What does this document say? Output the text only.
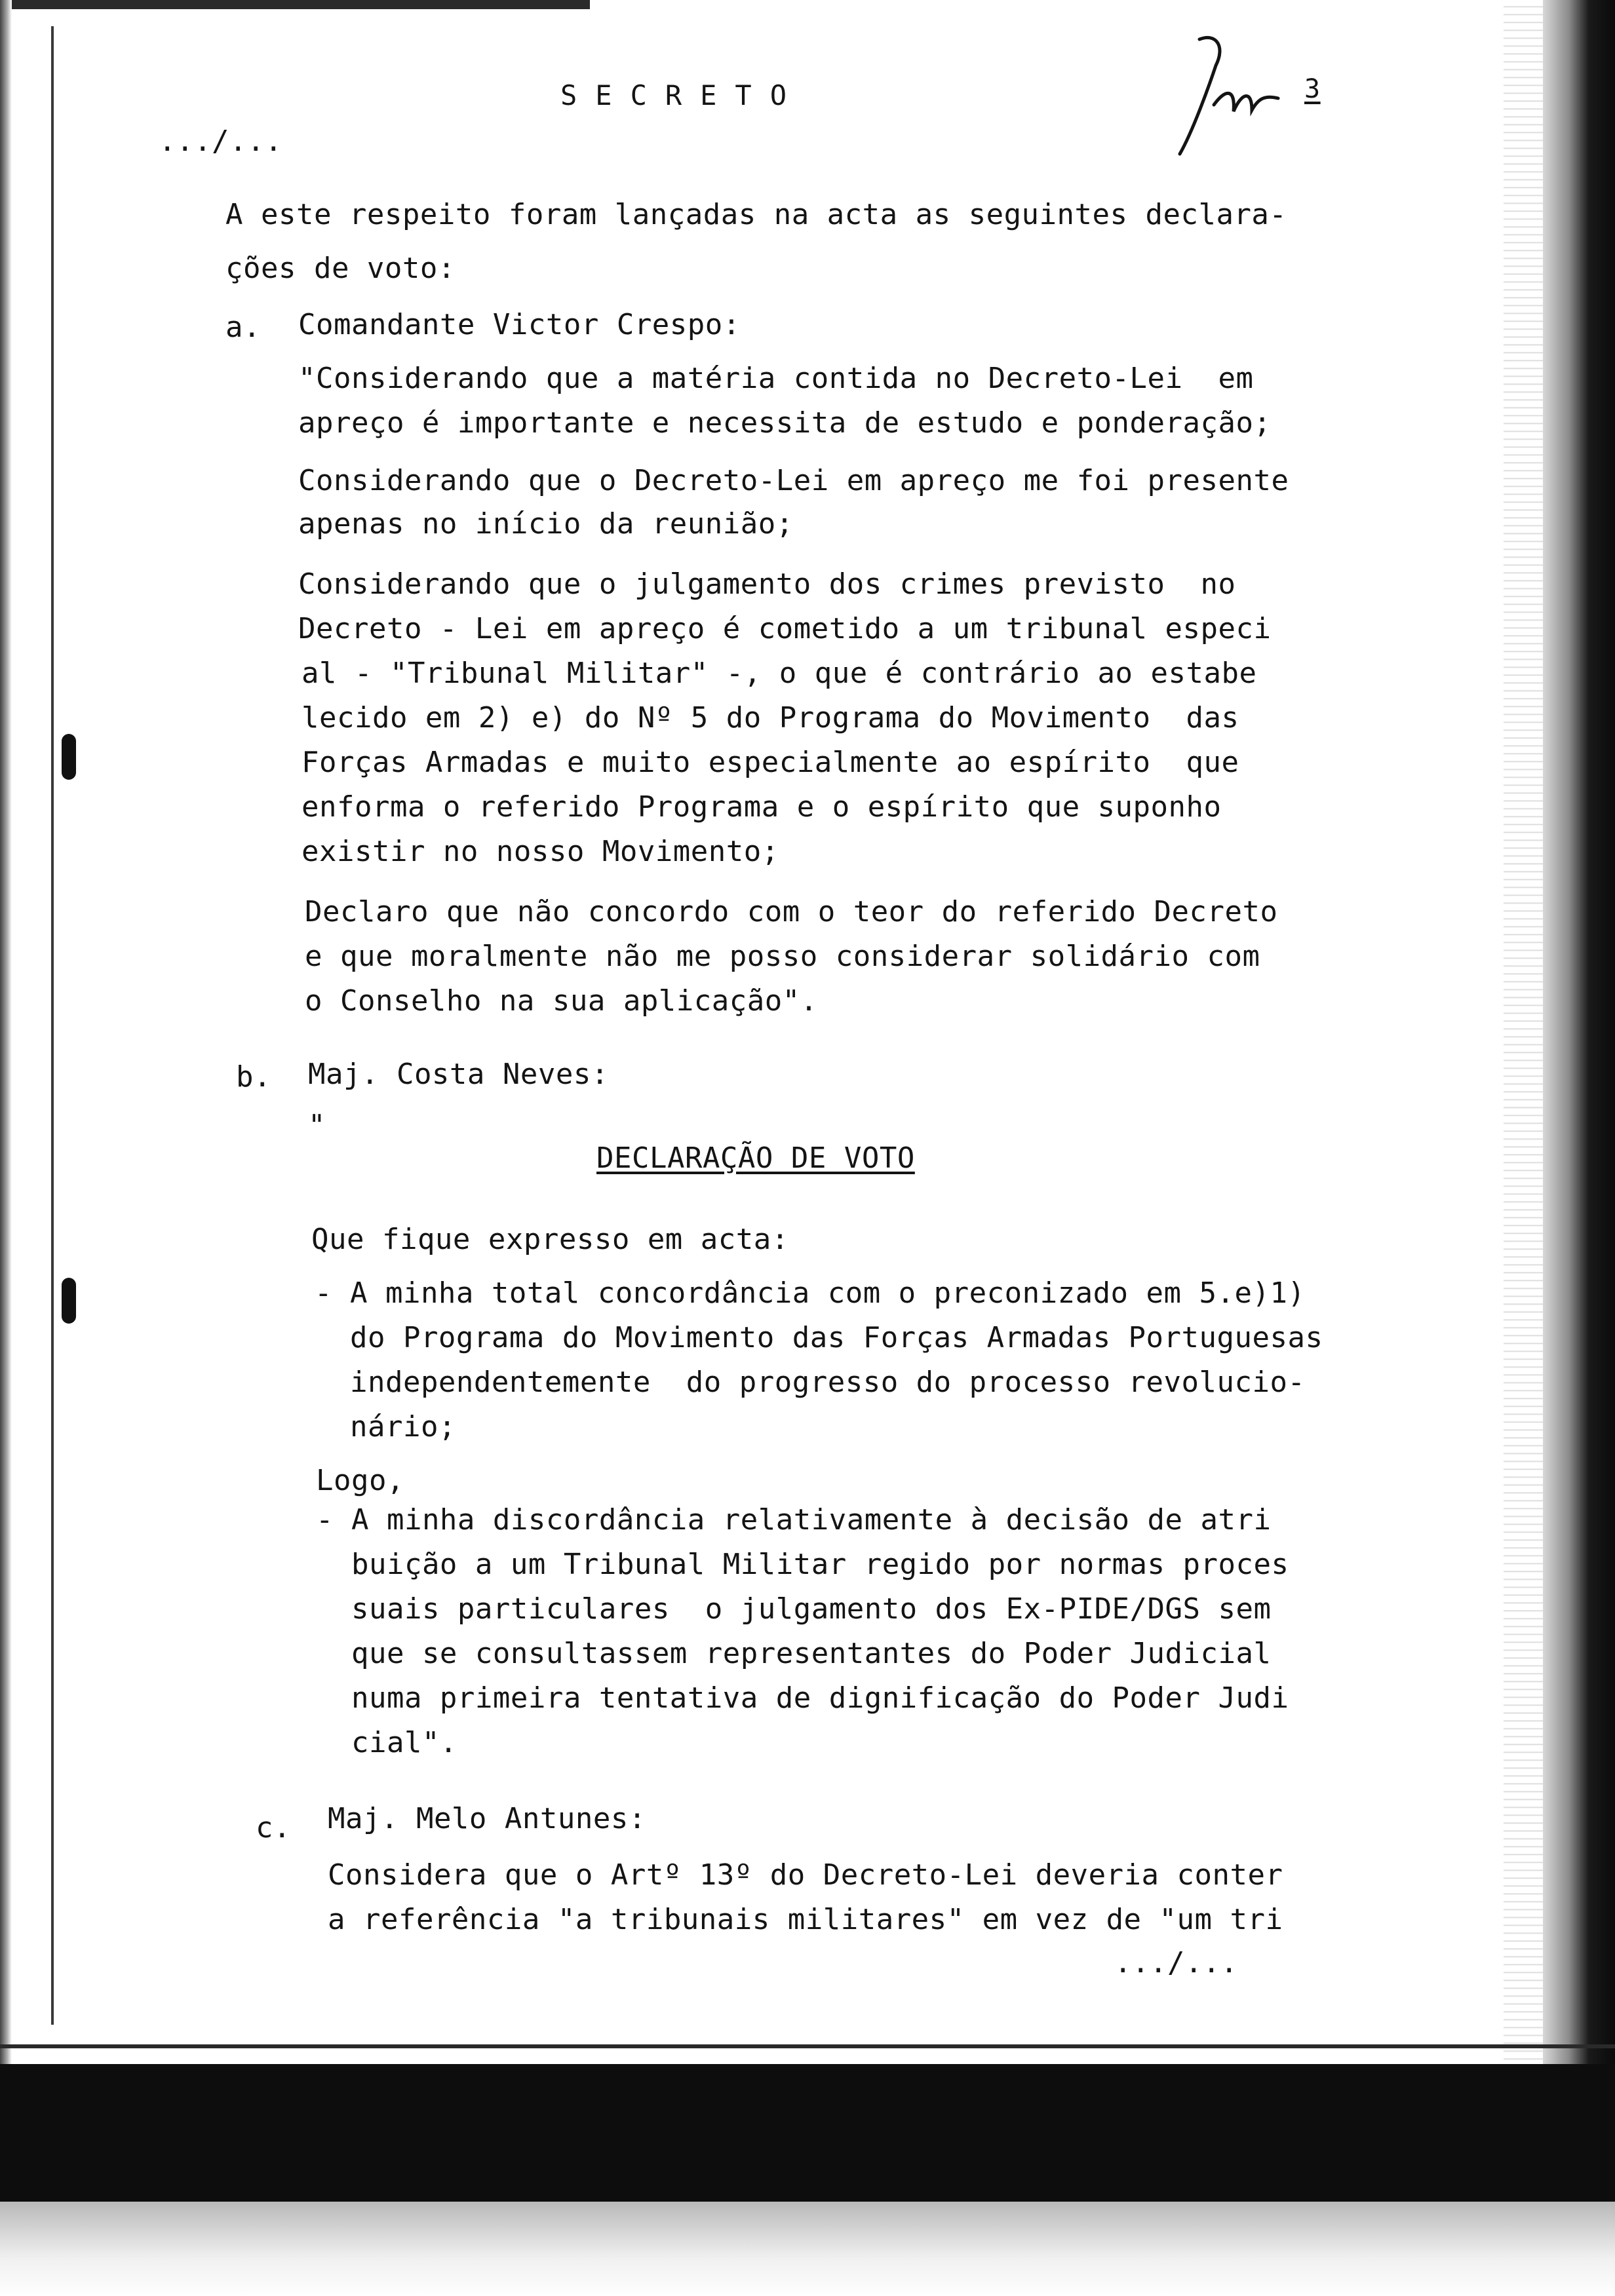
SECRETO
.../...
3
A este respeito foram lançadas na acta as seguintes declara-
ções de voto:
a. Comandante Victor Crespo:
"Considerando que a matéria contida no Decreto-Lei  em
apreço é importante e necessita de estudo e ponderação;
Considerando que o Decreto-Lei em apreço me foi presente
apenas no início da reunião;
Considerando que o julgamento dos crimes previsto  no
Decreto - Lei em apreço é cometido a um tribunal especi
al - "Tribunal Militar" -, o que é contrário ao estabe
lecido em 2) e) do Nº 5 do Programa do Movimento  das
Forças Armadas e muito especialmente ao espírito  que
enforma o referido Programa e o espírito que suponho
existir no nosso Movimento;
Declaro que não concordo com o teor do referido Decreto
e que moralmente não me posso considerar solidário com
o Conselho na sua aplicação".
b. Maj. Costa Neves:
"
DECLARAÇÃO DE VOTO
Que fique expresso em acta:
- A minha total concordância com o preconizado em 5.e)1)
do Programa do Movimento das Forças Armadas Portuguesas
independentemente  do progresso do processo revolucio-
nário;
Logo,
- A minha discordância relativamente à decisão de atri
buição a um Tribunal Militar regido por normas proces
suais particulares  o julgamento dos Ex-PIDE/DGS sem
que se consultassem representantes do Poder Judicial
numa primeira tentativa de dignificação do Poder Judi
cial".
c. Maj. Melo Antunes:
Considera que o Artº 13º do Decreto-Lei deveria conter
a referência "a tribunais militares" em vez de "um tri
.../...
